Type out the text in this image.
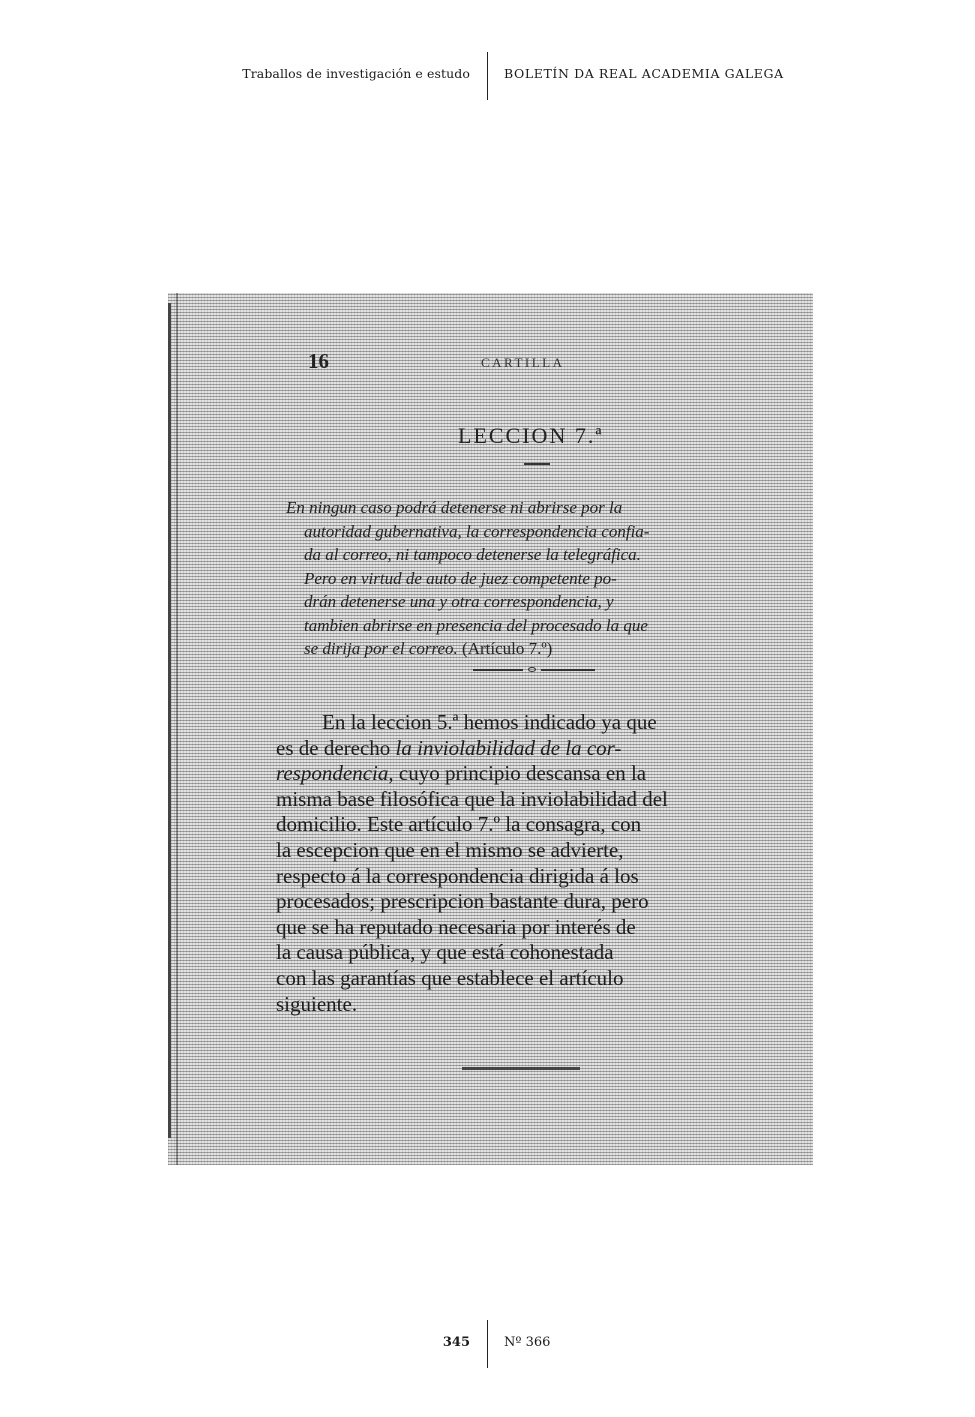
Traballos de investigación e estudo	BOLETÍN DA REAL ACADEMIA GALEGA
16	CARTILLA
LECCION 7.ª
En ningun caso podrá detenerse ni abrirse por la
autoridad gubernativa, la correspondencia confia-
da al correo, ni tampoco detenerse la telegráfica.
Pero en virtud de auto de juez competente po-
drán detenerse una y otra correspondencia, y
tambien abrirse en presencia del procesado la que
se dirija por el correo. (Artículo 7.º)
En la leccion 5.ª hemos indicado ya que
es de derecho la inviolabilidad de la cor-
respondencia, cuyo principio descansa en la
misma base filosófica que la inviolabilidad del
domicilio. Este artículo 7.º la consagra, con
la escepcion que en el mismo se advierte,
respecto á la correspondencia dirigida á los
procesados; prescripcion bastante dura, pero
que se ha reputado necesaria por interés de
la causa pública, y que está cohonestada
con las garantías que establece el artículo
siguiente.
345	Nº 366
